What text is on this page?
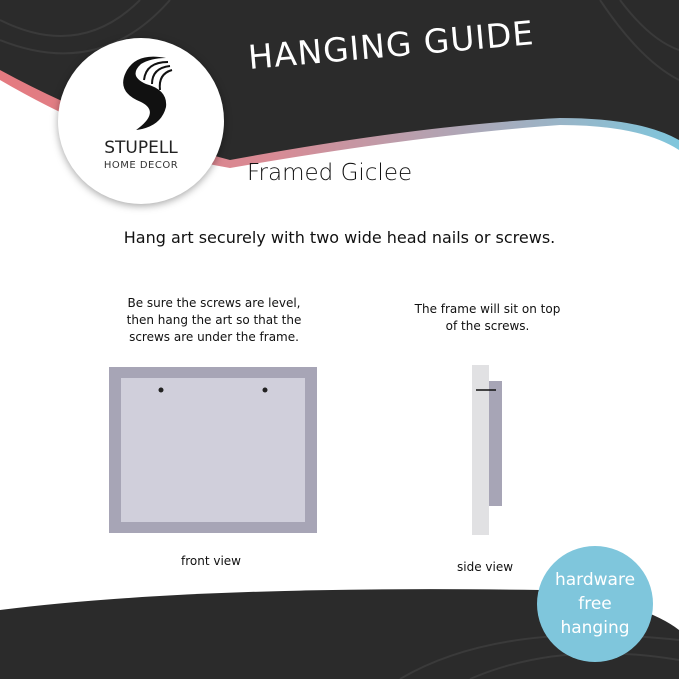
HANGING GUIDE
STUPELL
HOME DECOR	Framed Giclee
Hang art securely with two wide head nails or screws.
Be sure the screws are level,
then hang the art so that the
screws are under the frame.
front view
The frame will sit on top
of the screws.
side view
hardware
free
hanging
